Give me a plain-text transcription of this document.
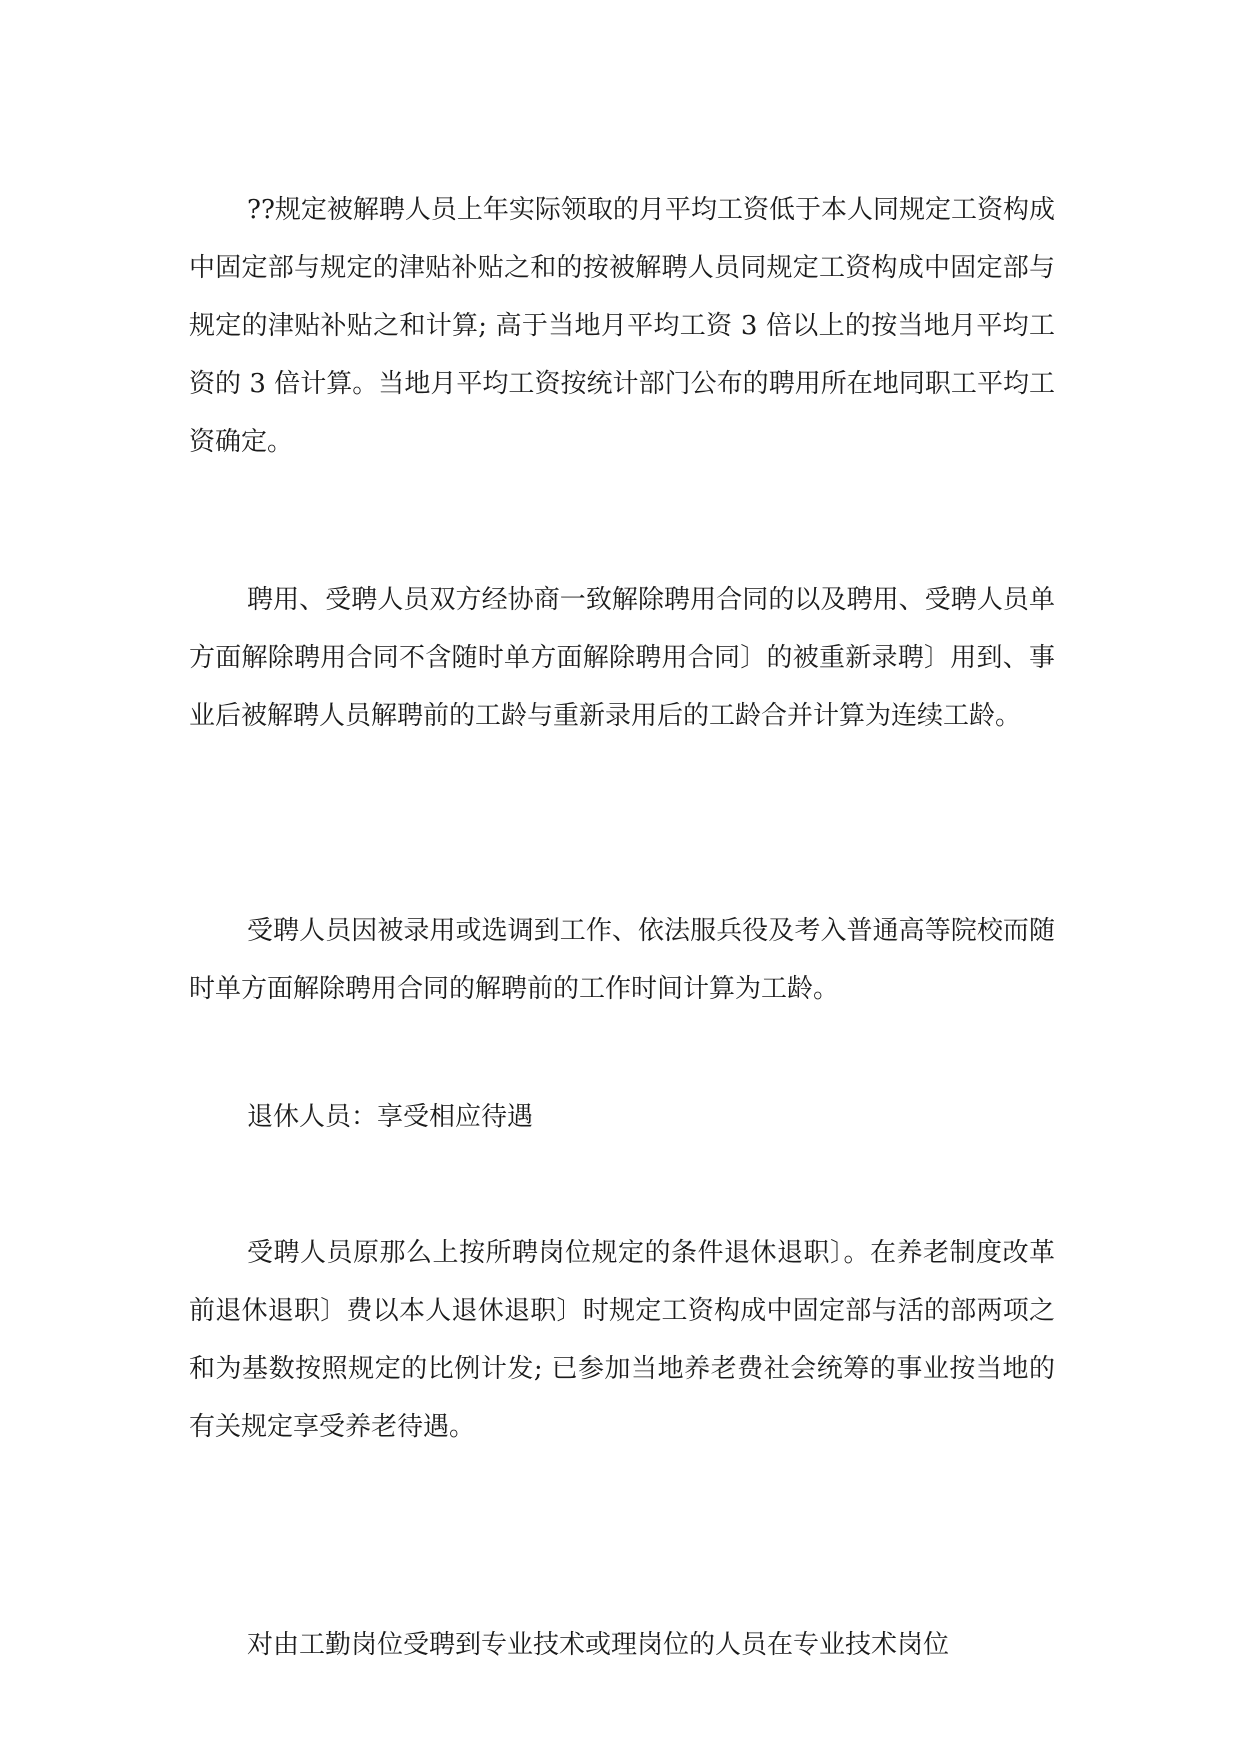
??规定被解聘人员上年实际领取的月平均工资低于本人同规定工资构成中固定部与规定的津贴补贴之和的按被解聘人员同规定工资构成中固定部与规定的津贴补贴之和计算; 高于当地月平均工资 3 倍以上的按当地月平均工资的 3 倍计算。当地月平均工资按统计部门公布的聘用所在地同职工平均工资确定。

聘用、受聘人员双方经协商一致解除聘用合同的以及聘用、受聘人员单方面解除聘用合同不含随时单方面解除聘用合同〕的被重新录聘〕用到、事业后被解聘人员解聘前的工龄与重新录用后的工龄合并计算为连续工龄。

受聘人员因被录用或选调到工作、依法服兵役及考入普通高等院校而随时单方面解除聘用合同的解聘前的工作时间计算为工龄。

退休人员：享受相应待遇

受聘人员原那么上按所聘岗位规定的条件退休退职〕。在养老制度改革前退休退职〕费以本人退休退职〕时规定工资构成中固定部与活的部两项之和为基数按照规定的比例计发; 已参加当地养老费社会统筹的事业按当地的有关规定享受养老待遇。

对由工勤岗位受聘到专业技术或理岗位的人员在专业技术岗位
